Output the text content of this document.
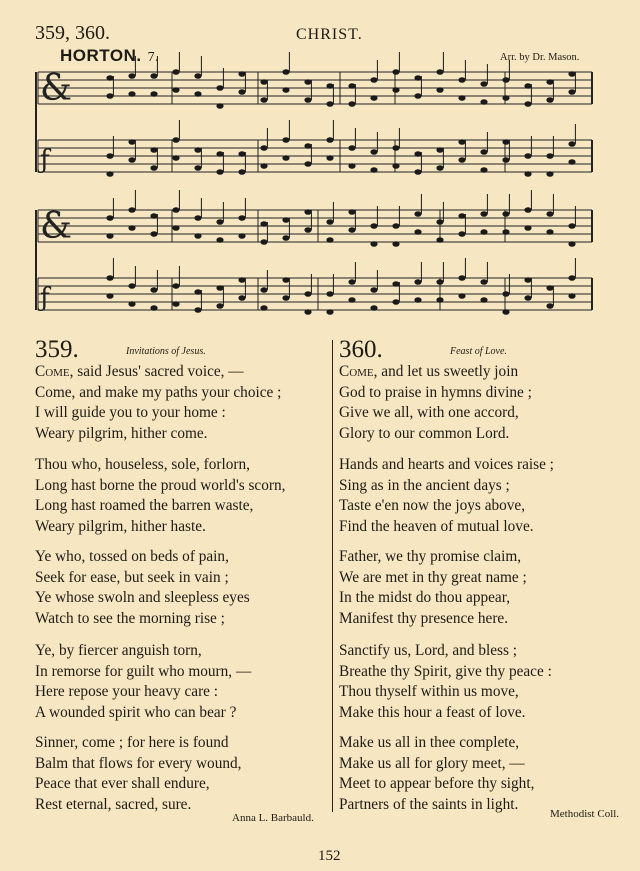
359, 360.	CHRIST.
HORTON. 7.	Arr. by Dr. Mason.
&
ƒ
&
ƒ
359.	Invitations of Jesus.	360.	Feast of Love.
Come, said Jesus' sacred voice, —
Come, and make my paths your choice ;
I will guide you to your home :
Weary pilgrim, hither come.
Thou who, houseless, sole, forlorn,
Long hast borne the proud world's scorn,
Long hast roamed the barren waste,
Weary pilgrim, hither haste.
Ye who, tossed on beds of pain,
Seek for ease, but seek in vain ;
Ye whose swoln and sleepless eyes
Watch to see the morning rise ;
Ye, by fiercer anguish torn,
In remorse for guilt who mourn, —
Here repose your heavy care :
A wounded spirit who can bear ?
Sinner, come ; for here is found
Balm that flows for every wound,
Peace that ever shall endure,
Rest eternal, sacred, sure.
Come, and let us sweetly join
God to praise in hymns divine ;
Give we all, with one accord,
Glory to our common Lord.
Hands and hearts and voices raise ;
Sing as in the ancient days ;
Taste e'en now the joys above,
Find the heaven of mutual love.
Father, we thy promise claim,
We are met in thy great name ;
In the midst do thou appear,
Manifest thy presence here.
Sanctify us, Lord, and bless ;
Breathe thy Spirit, give thy peace :
Thou thyself within us move,
Make this hour a feast of love.
Make us all in thee complete,
Make us all for glory meet, —
Meet to appear before thy sight,
Partners of the saints in light.
Anna L. Barbauld.	Methodist Coll.
152
